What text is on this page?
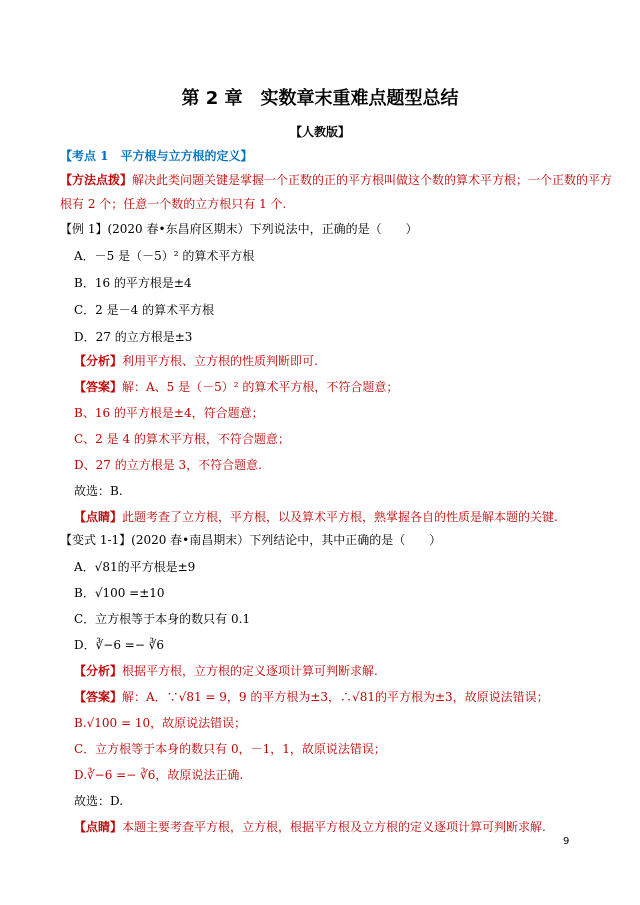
第 2 章　实数章末重难点题型总结
【人教版】
【考点 1　平方根与立方根的定义】
【方法点拨】解决此类问题关键是掌握一个正数的正的平方根叫做这个数的算术平方根；一个正数的平方
根有 2 个；任意一个数的立方根只有 1 个.
【例 1】(2020 春•东昌府区期末）下列说法中，正确的是（　　）
A．－5 是（－5）² 的算术平方根
B．16 的平方根是±4
C．2 是－4 的算术平方根
D．27 的立方根是±3
【分析】利用平方根、立方根的性质判断即可.
【答案】解：A、5 是（－5）² 的算术平方根，不符合题意；
B、16 的平方根是±4，符合题意；
C、2 是 4 的算术平方根，不符合题意；
D、27 的立方根是 3，不符合题意.
故选：B.
【点睛】此题考查了立方根，平方根，以及算术平方根，熟掌握各自的性质是解本题的关键.
【变式 1-1】(2020 春•南昌期末）下列结论中，其中正确的是（　　）
A．√81的平方根是±9
B．√100 =±10
C．立方根等于本身的数只有 0.1
D．∛−6 =− ∛6
【分析】根据平方根，立方根的定义逐项计算可判断求解.
【答案】解：A．∵√81 = 9，9 的平方根为±3，∴√81的平方根为±3，故原说法错误；
B.√100 = 10，故原说法错误；
C．立方根等于本身的数只有 0，－1，1，故原说法错误；
D.∛−6 =− ∛6，故原说法正确.
故选：D.
【点睛】本题主要考查平方根，立方根，根据平方根及立方根的定义逐项计算可判断求解.
9
